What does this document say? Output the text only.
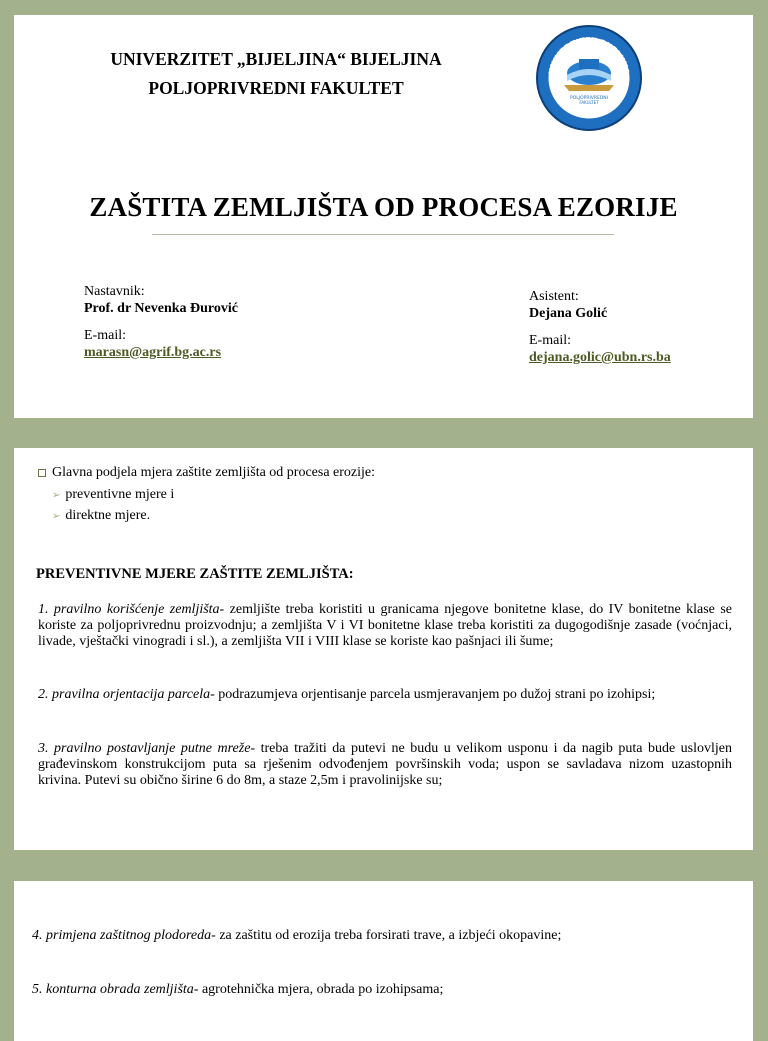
UNIVERZITET „BIJELJINA“ BIJELJINA
POLJOPRIVREDNI FAKULTET
UNIVERZITET BIJELJINA
POLJOPRIVREDNI
FAKULTET
BIJELJINA
ZAŠTITA ZEMLJIŠTA OD PROCESA EZORIJE
Nastavnik:
Prof. dr Nevenka Đurović
E-mail:
marasn@agrif.bg.ac.rs
Asistent:
Dejana Golić
E-mail:
dejana.golic@ubn.rs.ba
Glavna podjela mjera zaštite zemljišta od procesa erozije:
➢ preventivne mjere i
➢ direktne mjere.
PREVENTIVNE MJERE ZAŠTITE ZEMLJIŠTA:
1. pravilno korišćenje zemljišta- zemljište treba koristiti u granicama njegove bonitetne klase, do IV bonitetne klase se koriste za poljoprivrednu proizvodnju; a zemljišta V i VI bonitetne klase treba koristiti za dugogodišnje zasade (voćnjaci, livade, vještački vinogradi i sl.), a zemljišta VII i VIII klase se koriste kao pašnjaci ili šume;
2. pravilna orjentacija parcela- podrazumjeva orjentisanje parcela usmjeravanjem po dužoj strani po izohipsi;
3. pravilno postavljanje putne mreže- treba tražiti da putevi ne budu u velikom usponu i da nagib puta bude uslovljen građevinskom konstrukcijom puta sa rješenim odvođenjem površinskih voda; uspon se savladava nizom uzastopnih krivina. Putevi su obično širine 6 do 8m, a staze 2,5m i pravolinijske su;
4. primjena zaštitnog plodoreda- za zaštitu od erozija treba forsirati trave, a izbjeći okopavine;
5. konturna obrada zemljišta- agrotehnička mjera, obrada po izohipsama;
